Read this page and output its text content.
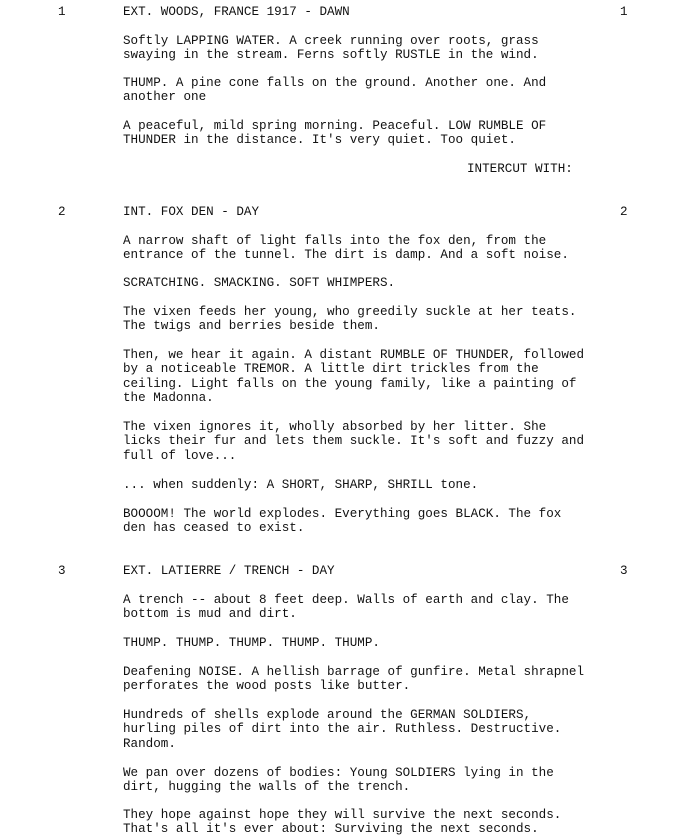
1	EXT. WOODS, FRANCE 1917 - DAWN	1
Softly LAPPING WATER. A creek running over roots, grass
swaying in the stream. Ferns softly RUSTLE in the wind.
THUMP. A pine cone falls on the ground. Another one. And
another one
A peaceful, mild spring morning. Peaceful. LOW RUMBLE OF
THUNDER in the distance. It's very quiet. Too quiet.
INTERCUT WITH:
2	INT. FOX DEN - DAY	2
A narrow shaft of light falls into the fox den, from the
entrance of the tunnel. The dirt is damp. And a soft noise.
SCRATCHING. SMACKING. SOFT WHIMPERS.
The vixen feeds her young, who greedily suckle at her teats.
The twigs and berries beside them.
Then, we hear it again. A distant RUMBLE OF THUNDER, followed
by a noticeable TREMOR. A little dirt trickles from the
ceiling. Light falls on the young family, like a painting of
the Madonna.
The vixen ignores it, wholly absorbed by her litter. She
licks their fur and lets them suckle. It's soft and fuzzy and
full of love...
... when suddenly: A SHORT, SHARP, SHRILL tone.
BOOOOM! The world explodes. Everything goes BLACK. The fox
den has ceased to exist.
3	EXT. LATIERRE / TRENCH - DAY	3
A trench -- about 8 feet deep. Walls of earth and clay. The
bottom is mud and dirt.
THUMP. THUMP. THUMP. THUMP. THUMP.
Deafening NOISE. A hellish barrage of gunfire. Metal shrapnel
perforates the wood posts like butter.
Hundreds of shells explode around the GERMAN SOLDIERS,
hurling piles of dirt into the air. Ruthless. Destructive.
Random.
We pan over dozens of bodies: Young SOLDIERS lying in the
dirt, hugging the walls of the trench.
They hope against hope they will survive the next seconds.
That's all it's ever about: Surviving the next seconds.
